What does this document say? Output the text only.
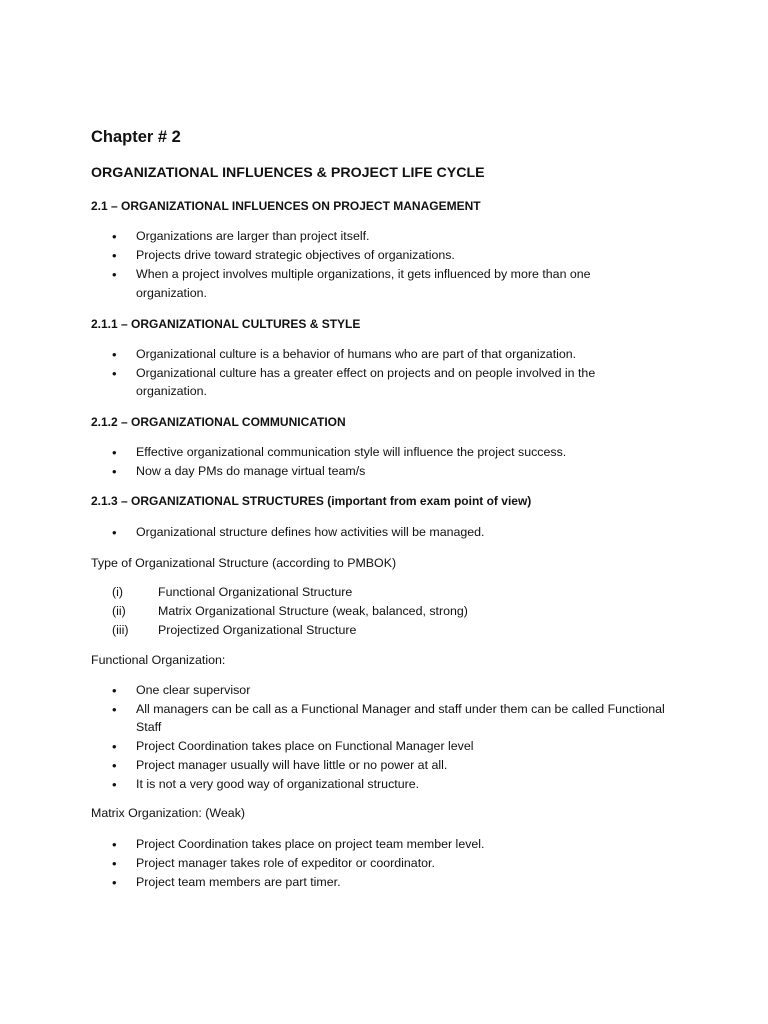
Chapter # 2
ORGANIZATIONAL INFLUENCES & PROJECT LIFE CYCLE
2.1 – ORGANIZATIONAL INFLUENCES ON PROJECT MANAGEMENT
• Organizations are larger than project itself.
• Projects drive toward strategic objectives of organizations.
• When a project involves multiple organizations, it gets influenced by more than one
organization.
2.1.1 – ORGANIZATIONAL CULTURES & STYLE
• Organizational culture is a behavior of humans who are part of that organization.
• Organizational culture has a greater effect on projects and on people involved in the
organization.
2.1.2 – ORGANIZATIONAL COMMUNICATION
• Effective organizational communication style will influence the project success.
• Now a day PMs do manage virtual team/s
2.1.3 – ORGANIZATIONAL STRUCTURES (important from exam point of view)
• Organizational structure defines how activities will be managed.
Type of Organizational Structure (according to PMBOK)
(i)	Functional Organizational Structure
(ii)	Matrix Organizational Structure (weak, balanced, strong)
(iii) Projectized Organizational Structure
Functional Organization:
• One clear supervisor
• All managers can be call as a Functional Manager and staff under them can be called Functional
Staff
• Project Coordination takes place on Functional Manager level
• Project manager usually will have little or no power at all.
• It is not a very good way of organizational structure.
Matrix Organization: (Weak)
• Project Coordination takes place on project team member level.
• Project manager takes role of expeditor or coordinator.
• Project team members are part timer.
